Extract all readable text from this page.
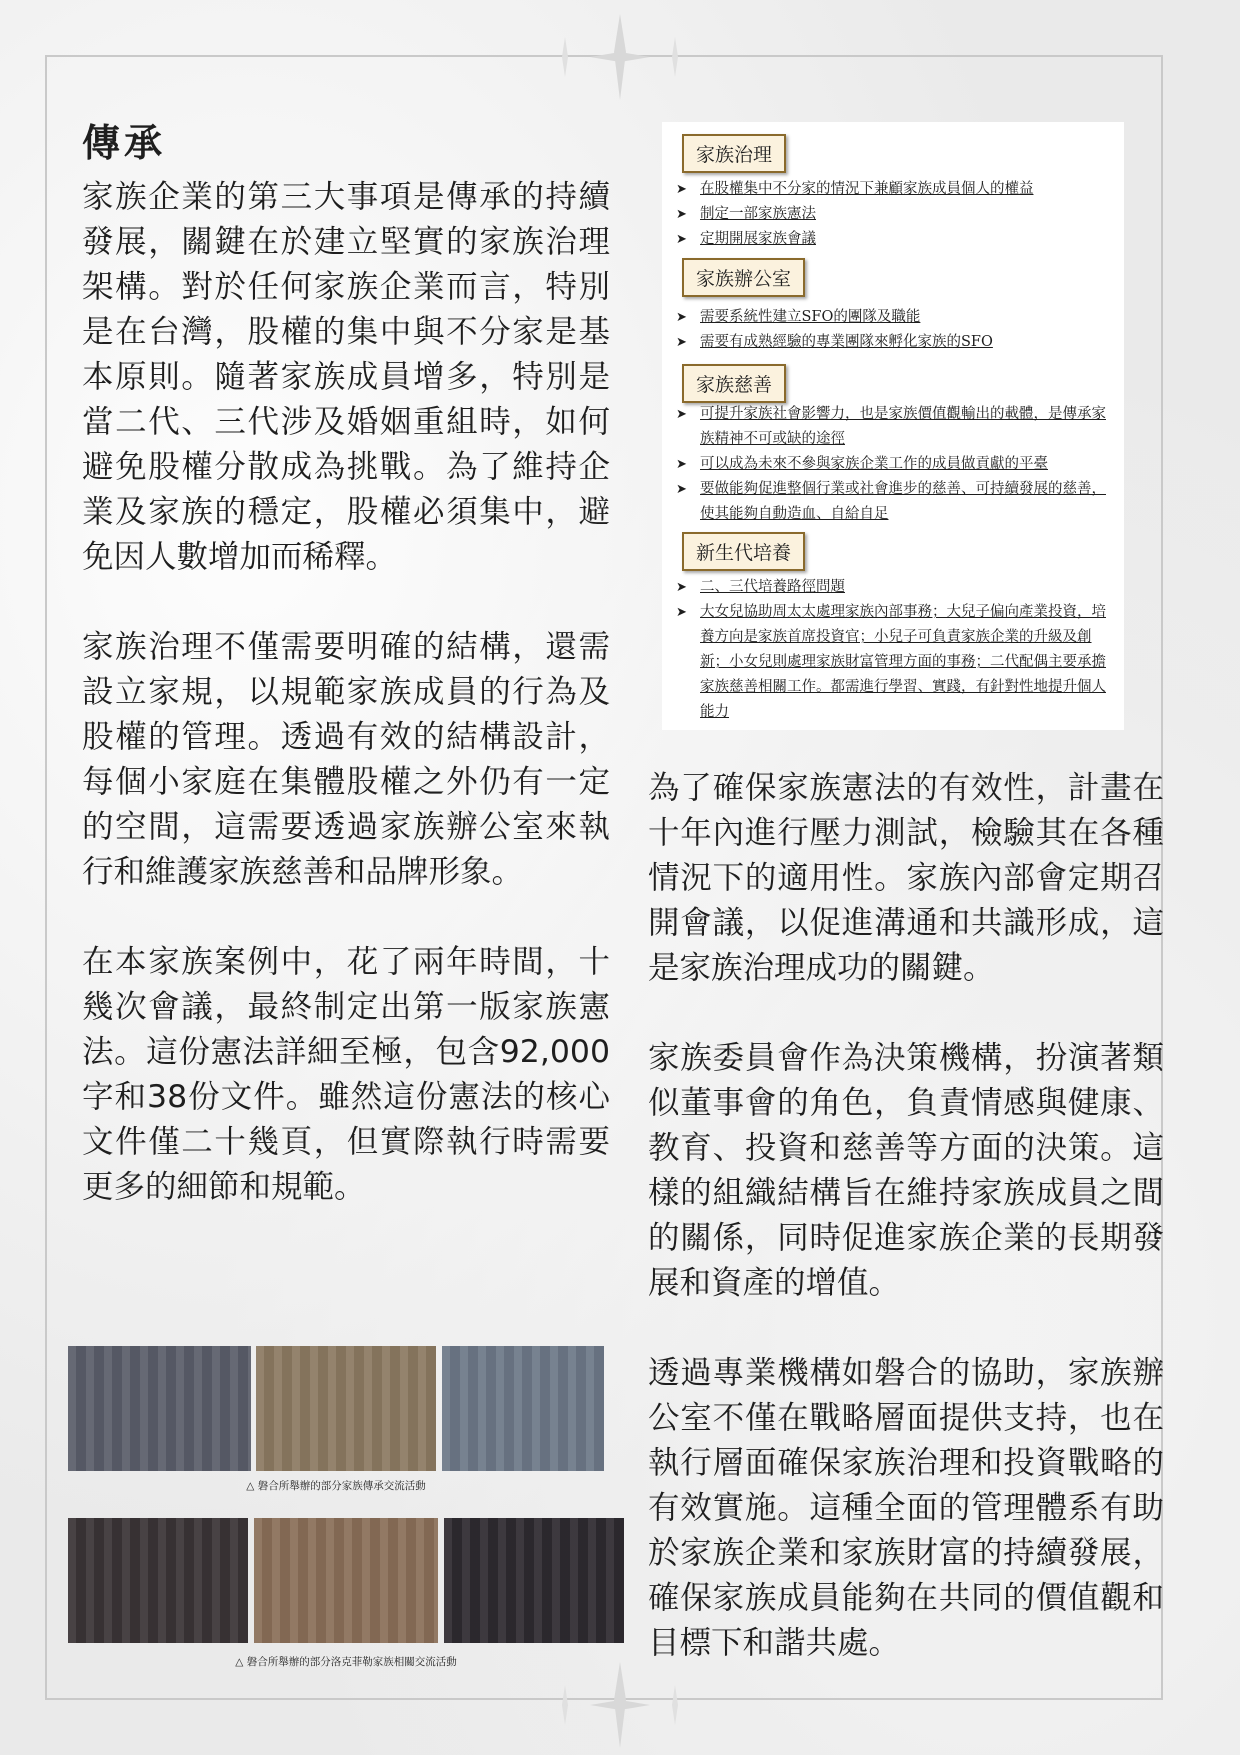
傳承

家族企業的第三大事項是傳承的持續發展，關鍵在於建立堅實的家族治理架構。對於任何家族企業而言，特別是在台灣，股權的集中與不分家是基本原則。隨著家族成員增多，特別是當二代、三代涉及婚姻重組時，如何避免股權分散成為挑戰。為了維持企業及家族的穩定，股權必須集中，避免因人數增加而稀釋。

家族治理不僅需要明確的結構，還需設立家規，以規範家族成員的行為及股權的管理。透過有效的結構設計，每個小家庭在集體股權之外仍有一定的空間，這需要透過家族辦公室來執行和維護家族慈善和品牌形象。

在本家族案例中，花了兩年時間，十幾次會議，最終制定出第一版家族憲法。這份憲法詳細至極，包含92,000字和38份文件。雖然這份憲法的核心文件僅二十幾頁，但實際執行時需要更多的細節和規範。

家族治理
➤ 在股權集中不分家的情況下兼顧家族成員個人的權益
➤ 制定一部家族憲法
➤ 定期開展家族會議
家族辦公室
➤ 需要系統性建立SFO的團隊及職能
➤ 需要有成熟經驗的專業團隊來孵化家族的SFO
家族慈善
➤ 可提升家族社會影響力，也是家族價值觀輸出的載體，是傳承家族精神不可或缺的途徑
➤ 可以成為未來不參與家族企業工作的成員做貢獻的平臺
➤ 要做能夠促進整個行業或社會進步的慈善、可持續發展的慈善，使其能夠自動造血、自給自足
新生代培養
➤ 二、三代培養路徑問題
➤ 大女兒協助周太太處理家族內部事務；大兒子偏向產業投資，培養方向是家族首席投資官；小兒子可負責家族企業的升級及創新；小女兒則處理家族財富管理方面的事務；二代配偶主要承擔家族慈善相關工作。都需進行學習、實踐，有針對性地提升個人能力

為了確保家族憲法的有效性，計畫在十年內進行壓力測試，檢驗其在各種情況下的適用性。家族內部會定期召開會議，以促進溝通和共識形成，這是家族治理成功的關鍵。

家族委員會作為決策機構，扮演著類似董事會的角色，負責情感與健康、教育、投資和慈善等方面的決策。這樣的組織結構旨在維持家族成員之間的關係，同時促進家族企業的長期發展和資產的增值。

透過專業機構如磐合的協助，家族辦公室不僅在戰略層面提供支持，也在執行層面確保家族治理和投資戰略的有效實施。這種全面的管理體系有助於家族企業和家族財富的持續發展，確保家族成員能夠在共同的價值觀和目標下和諧共處。

△ 磐合所舉辦的部分家族傳承交流活動
△ 磐合所舉辦的部分洛克菲勒家族相關交流活動
